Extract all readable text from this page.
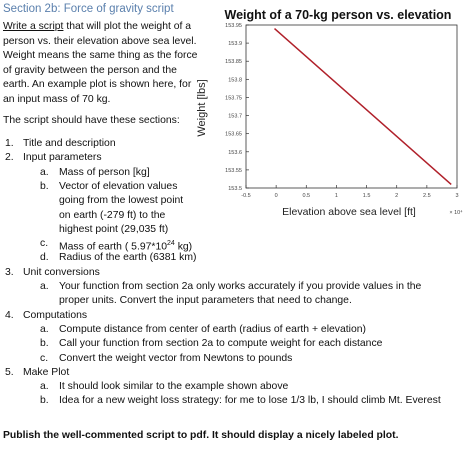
Section 2b: Force of gravity script
Write a script that will plot the weight of a person vs. their elevation above sea level. Weight means the same thing as the force of gravity between the person and the earth. An example plot is shown here, for an input mass of 70 kg.
The script should have these sections:
1. Title and description
2. Input parameters
a. Mass of person [kg]
b. Vector of elevation values
going from the lowest point
on earth (-279 ft) to the
highest point (29,035 ft)
c. Mass of earth ( $5.97*10^{24}$ kg)
d. Radius of the earth (6381 km)
3. Unit conversions
a. Your function from section 2a only works accurately if you provide values in the
proper units. Convert the input parameters that need to change.
4. Computations
a. Compute distance from center of earth (radius of earth + elevation)
b. Call your function from section 2a to compute weight for each distance
c. Convert the weight vector from Newtons to pounds
5. Make Plot
a. It should look similar to the example shown above
b. Idea for a new weight loss strategy: for me to lose 1/3 lb, I should climb Mt. Everest
Publish the well-commented script to pdf. It should display a nicely labeled plot.
Weight of a 70-kg person vs. elevation
-0.5	0	0.5	1	1.5	2	2.5	3
153.5
153.55
153.6
153.65
153.7
153.75
153.8
153.85
153.9
153.95
Weight [lbs]
Elevation above sea level [ft]	× 10⁴
